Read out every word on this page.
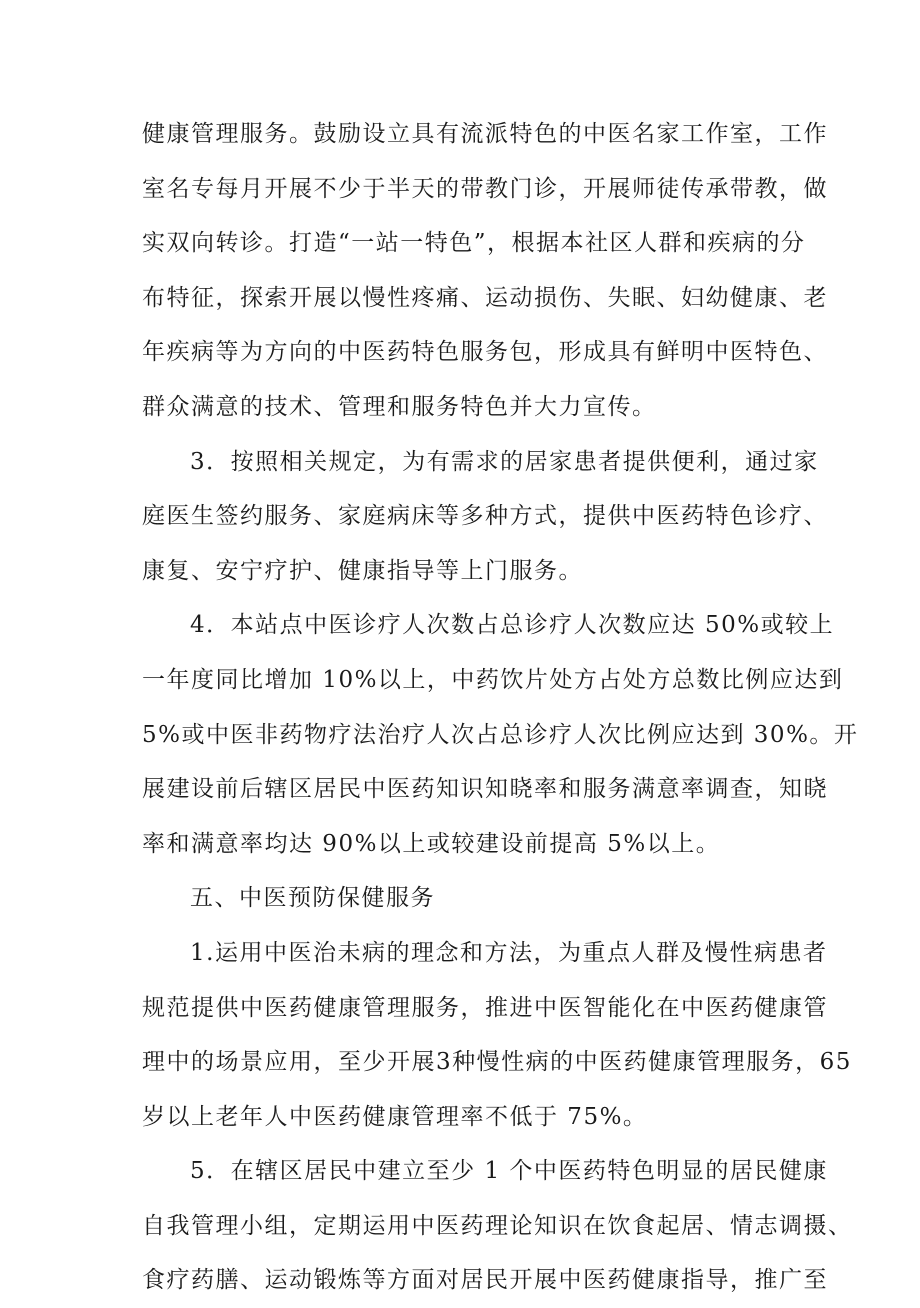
健康管理服务。鼓励设立具有流派特色的中医名家工作室，工作
室名专每月开展不少于半天的带教门诊，开展师徒传承带教，做
实双向转诊。打造“一站一特色”，根据本社区人群和疾病的分
布特征，探索开展以慢性疼痛、运动损伤、失眠、妇幼健康、老
年疾病等为方向的中医药特色服务包，形成具有鲜明中医特色、
群众满意的技术、管理和服务特色并大力宣传。
3．按照相关规定，为有需求的居家患者提供便利，通过家
庭医生签约服务、家庭病床等多种方式，提供中医药特色诊疗、
康复、安宁疗护、健康指导等上门服务。
4．本站点中医诊疗人次数占总诊疗人次数应达 50%或较上
一年度同比增加 10%以上，中药饮片处方占处方总数比例应达到
5%或中医非药物疗法治疗人次占总诊疗人次比例应达到 30%。开
展建设前后辖区居民中医药知识知晓率和服务满意率调查，知晓
率和满意率均达 90%以上或较建设前提高 5%以上。
五、中医预防保健服务
1.运用中医治未病的理念和方法，为重点人群及慢性病患者
规范提供中医药健康管理服务，推进中医智能化在中医药健康管
理中的场景应用，至少开展3种慢性病的中医药健康管理服务，65
岁以上老年人中医药健康管理率不低于 75%。
5．在辖区居民中建立至少 1 个中医药特色明显的居民健康
自我管理小组，定期运用中医药理论知识在饮食起居、情志调摄、
食疗药膳、运动锻炼等方面对居民开展中医药健康指导，推广至
